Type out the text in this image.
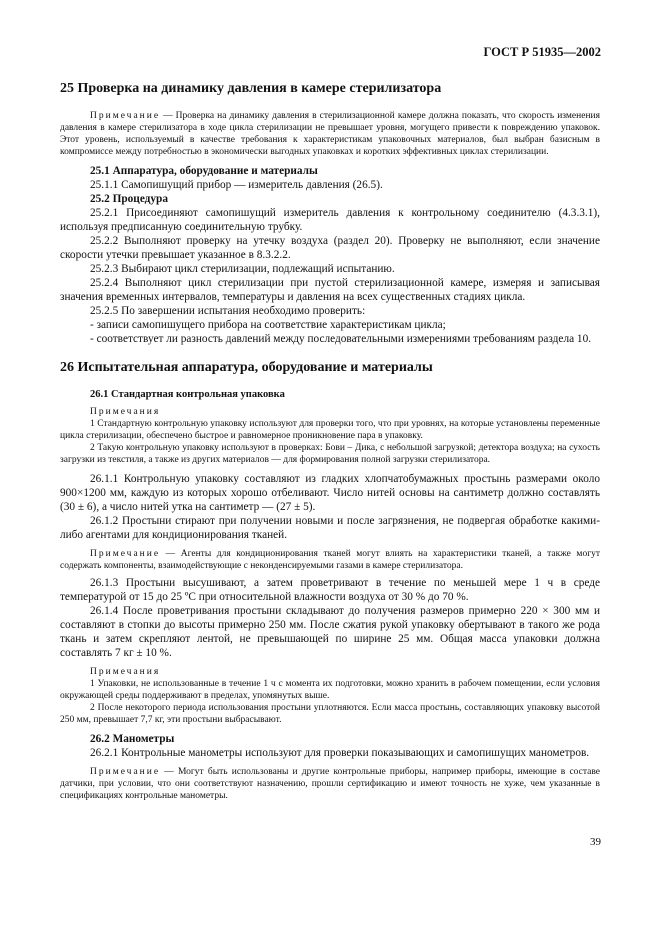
ГОСТ Р 51935—2002
25 Проверка на динамику давления в камере стерилизатора

Примечание — Проверка на динамику давления в стерилизационной камере должна показать, что скорость изменения давления в камере стерилизатора в ходе цикла стерилизации не превышает уровня, могущего привести к повреждению упаковок. Этот уровень, используемый в качестве требования к характеристикам упаковочных материалов, был выбран базисным в компромиссе между потребностью в экономически выгодных упаковках и коротких эффективных циклах стерилизации.

25.1 Аппаратура, оборудование и материалы

25.1.1 Самопишущий прибор — измеритель давления (26.5).

25.2 Процедура

25.2.1 Присоединяют самопишущий измеритель давления к контрольному соединителю (4.3.3.1), используя предписанную соединительную трубку.

25.2.2 Выполняют проверку на утечку воздуха (раздел 20). Проверку не выполняют, если значение скорости утечки превышает указанное в 8.3.2.2.

25.2.3 Выбирают цикл стерилизации, подлежащий испытанию.

25.2.4 Выполняют цикл стерилизации при пустой стерилизационной камере, измеряя и записывая значения временных интервалов, температуры и давления на всех существенных стадиях цикла.

25.2.5 По завершении испытания необходимо проверить:

- записи самопишущего прибора на соответствие характеристикам цикла;

- соответствует ли разность давлений между последовательными измерениями требованиям раздела 10.

26 Испытательная аппаратура, оборудование и материалы

26.1 Стандартная контрольная упаковка

Примечания

1 Стандартную контрольную упаковку используют для проверки того, что при уровнях, на которые установлены переменные цикла стерилизации, обеспечено быстрое и равномерное проникновение пара в упаковку.

2 Такую контрольную упаковку используют в проверках: Бови – Дика, с небольшой загрузкой; детектора воздуха; на сухость загрузки из текстиля, а также из других материалов — для формирования полной загрузки стерилизатора.

26.1.1 Контрольную упаковку составляют из гладких хлопчатобумажных простынь размерами около 900×1200 мм, каждую из которых хорошо отбеливают. Число нитей основы на сантиметр должно составлять (30 ± 6), а число нитей утка на сантиметр — (27 ± 5).

26.1.2 Простыни стирают при получении новыми и после загрязнения, не подвергая обработке какими-либо агентами для кондиционирования тканей.

Примечание — Агенты для кондиционирования тканей могут влиять на характеристики тканей, а также могут содержать компоненты, взаимодействующие с неконденсируемыми газами в камере стерилизатора.

26.1.3 Простыни высушивают, а затем проветривают в течение по меньшей мере 1 ч в среде температурой от 15 до 25 ºС при относительной влажности воздуха от 30 % до 70 %.

26.1.4 После проветривания простыни складывают до получения размеров примерно 220 × 300 мм и составляют в стопки до высоты примерно 250 мм. После сжатия рукой упаковку обертывают в такого же рода ткань и затем скрепляют лентой, не превышающей по ширине 25 мм. Общая масса упаковки должна составлять 7 кг ± 10 %.

Примечания

1 Упаковки, не использованные в течение 1 ч с момента их подготовки, можно хранить в рабочем помещении, если условия окружающей среды поддерживают в пределах, упомянутых выше.

2 После некоторого периода использования простыни уплотняются. Если масса простынь, составляющих упаковку высотой 250 мм, превышает 7,7 кг, эти простыни выбрасывают.

26.2 Манометры

26.2.1 Контрольные манометры используют для проверки показывающих и самопишущих манометров.

Примечание — Могут быть использованы и другие контрольные приборы, например приборы, имеющие в составе датчики, при условии, что они соответствуют назначению, прошли сертификацию и имеют точность не хуже, чем указанные в спецификациях контрольные манометры.

39
